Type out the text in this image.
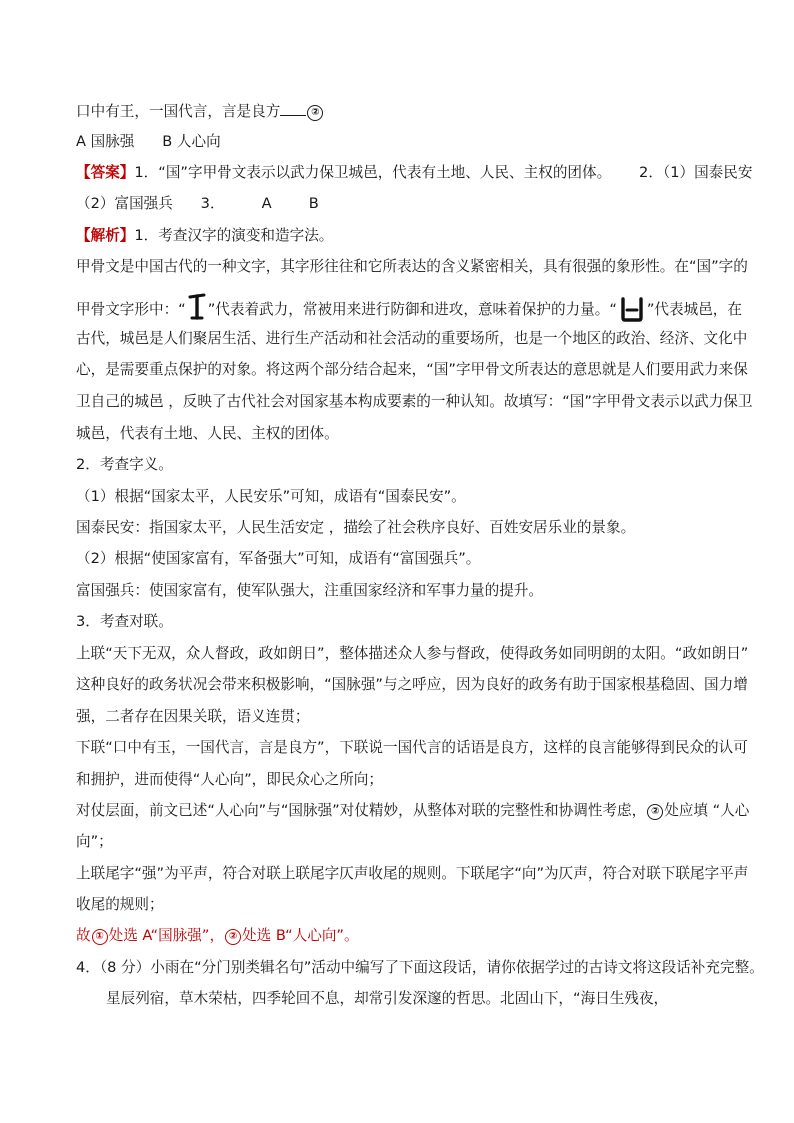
口中有王，一国代言，言是良方	②
A 国脉强      B 人心向
【答案】1．“国”字甲骨文表示以武力保卫城邑，代表有土地、人民、主权的团体。      2．（1）国泰民安
（2）富国强兵      3．        A        B
【解析】1．考查汉字的演变和造字法。
甲骨文是中国古代的一种文字，其字形往往和它所表达的含义紧密相关，具有很强的象形性。在“国”字的
甲骨文字形中：“ ”代表着武力，常被用来进行防御和进攻，意味着保护的力量。“ ”代表城邑，在
古代，城邑是人们聚居生活、进行生产活动和社会活动的重要场所，也是一个地区的政治、经济、文化中
心，是需要重点保护的对象。将这两个部分结合起来，“国”字甲骨文所表达的意思就是人们要用武力来保
卫自己的城邑 ，反映了古代社会对国家基本构成要素的一种认知。故填写：“国”字甲骨文表示以武力保卫
城邑，代表有土地、人民、主权的团体。
2．考查字义。
（1）根据“国家太平，人民安乐”可知，成语有“国泰民安”。
国泰民安：指国家太平，人民生活安定 ，描绘了社会秩序良好、百姓安居乐业的景象。
（2）根据“使国家富有，军备强大”可知，成语有“富国强兵”。
富国强兵：使国家富有，使军队强大，注重国家经济和军事力量的提升。
3．考查对联。
上联“天下无双，众人督政，政如朗日”，整体描述众人参与督政，使得政务如同明朗的太阳。“政如朗日”
这种良好的政务状况会带来积极影响，“国脉强”与之呼应，因为良好的政务有助于国家根基稳固、国力增
强，二者存在因果关联，语义连贯；
下联“口中有玉，一国代言，言是良方”，下联说一国代言的话语是良方，这样的良言能够得到民众的认可
和拥护，进而使得“人心向”，即民众心之所向；
对仗层面，前文已述“人心向”与“国脉强”对仗精妙，从整体对联的完整性和协调性考虑， ② 处应填 “人心
向”；
上联尾字“强”为平声，符合对联上联尾字仄声收尾的规则。下联尾字“向”为仄声，符合对联下联尾字平声
收尾的规则；
故 ① 处选 A“国脉强”， ② 处选 B“人心向”。
4．（8 分）小雨在“分门别类辑名句”活动中编写了下面这段话，请你依据学过的古诗文将这段话补充完整。
星辰列宿，草木荣枯，四季轮回不息，却常引发深邃的哲思。北固山下，“海日生残夜，
